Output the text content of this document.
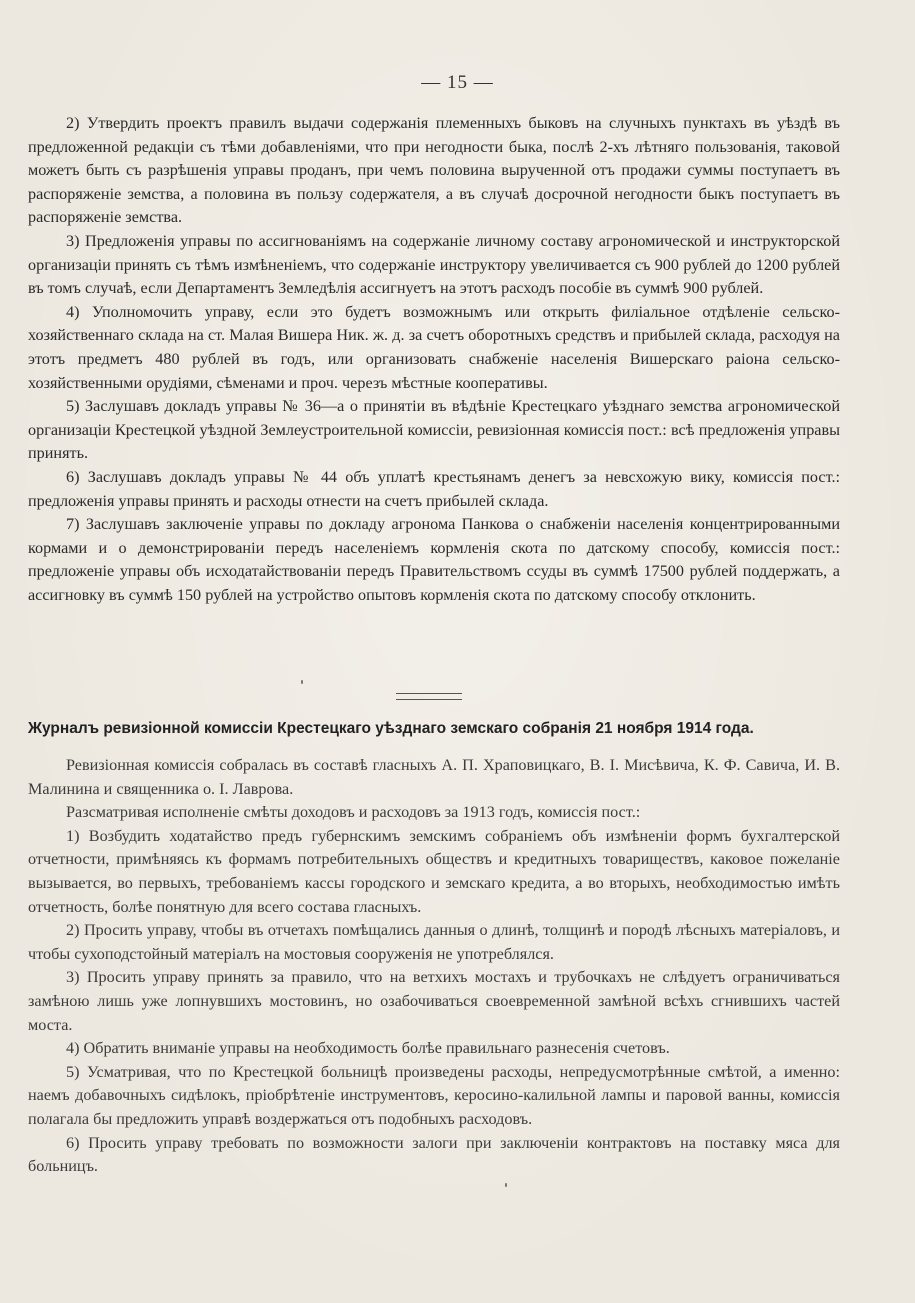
— 15 —

2) Утвердить проектъ правилъ выдачи содержанія племенныхъ быковъ на случныхъ пунктахъ въ уѣздѣ въ предложенной редакціи съ тѣми добавленіями, что при негодности быка, послѣ 2-хъ лѣтняго пользованія, таковой можетъ быть съ разрѣшенія управы проданъ, при чемъ половина вырученной отъ продажи суммы поступаетъ въ распоряженіе земства, а половина въ пользу содержателя, а въ случаѣ досрочной негодности быкъ поступаетъ въ распоряженіе земства.

3) Предложенія управы по ассигнованіямъ на содержаніе личному составу агрономической и инструкторской организаціи принять съ тѣмъ измѣненіемъ, что содержаніе инструктору увеличивается съ 900 рублей до 1200 рублей въ томъ случаѣ, если Департаментъ Земледѣлія ассигнуетъ на этотъ расходъ пособіе въ суммѣ 900 рублей.

4) Уполномочить управу, если это будетъ возможнымъ или открыть филіальное отдѣленіе сельско-хозяйственнаго склада на ст. Малая Вишера Ник. ж. д. за счетъ оборотныхъ средствъ и прибылей склада, расходуя на этотъ предметъ 480 рублей въ годъ, или организовать снабженіе населенія Вишерскаго раіона сельско-хозяйственными орудіями, сѣменами и проч. черезъ мѣстные кооперативы.

5) Заслушавъ докладъ управы № 36—а о принятіи въ вѣдѣніе Крестецкаго уѣзднаго земства агрономической организаціи Крестецкой уѣздной Землеустроительной комиссіи, ревизіонная комиссія пост.: всѣ предложенія управы принять.

6) Заслушавъ докладъ управы № 44 объ уплатѣ крестьянамъ денегъ за невсхожую вику, комиссія пост.: предложенія управы принять и расходы отнести на счетъ прибылей склада.

7) Заслушавъ заключеніе управы по докладу агронома Панкова о снабженіи населенія концентрированными кормами и о демонстрированіи передъ населеніемъ кормленія скота по датскому способу, комиссія пост.: предложеніе управы объ исходатайствованіи передъ Правительствомъ ссуды въ суммѣ 17500 рублей поддержать, а ассигновку въ суммѣ 150 рублей на устройство опытовъ кормленія скота по датскому способу отклонить.

Журналъ ревизіонной комиссіи Крестецкаго уѣзднаго земскаго собранія 21 ноября 1914 года.

Ревизіонная комиссія собралась въ составѣ гласныхъ А. П. Храповицкаго, В. І. Мисѣвича, К. Ф. Савича, И. В. Малинина и священника о. І. Лаврова.

Разсматривая исполненіе смѣты доходовъ и расходовъ за 1913 годъ, комиссія пост.:

1) Возбудить ходатайство предъ губернскимъ земскимъ собраніемъ объ измѣненіи формъ бухгалтерской отчетности, примѣняясь къ формамъ потребительныхъ обществъ и кредитныхъ товариществъ, каковое пожеланіе вызывается, во первыхъ, требованіемъ кассы городского и земскаго кредита, а во вторыхъ, необходимостью имѣть отчетность, болѣе понятную для всего состава гласныхъ.

2) Просить управу, чтобы въ отчетахъ помѣщались данныя о длинѣ, толщинѣ и породѣ лѣсныхъ матеріаловъ, и чтобы сухоподстойный матеріалъ на мостовыя сооруженія не употреблялся.

3) Просить управу принять за правило, что на ветхихъ мостахъ и трубочкахъ не слѣдуетъ ограничиваться замѣною лишь уже лопнувшихъ мостовинъ, но озабочиваться своевременной замѣной всѣхъ сгнившихъ частей моста.

4) Обратить вниманіе управы на необходимость болѣе правильнаго разнесенія счетовъ.

5) Усматривая, что по Крестецкой больницѣ произведены расходы, непредусмотрѣнные смѣтой, а именно: наемъ добавочныхъ сидѣлокъ, пріобрѣтеніе инструментовъ, керосино-калильной лампы и паровой ванны, комиссія полагала бы предложить управѣ воздержаться отъ подобныхъ расходовъ.

6) Просить управу требовать по возможности залоги при заключеніи контрактовъ на поставку мяса для больницъ.
